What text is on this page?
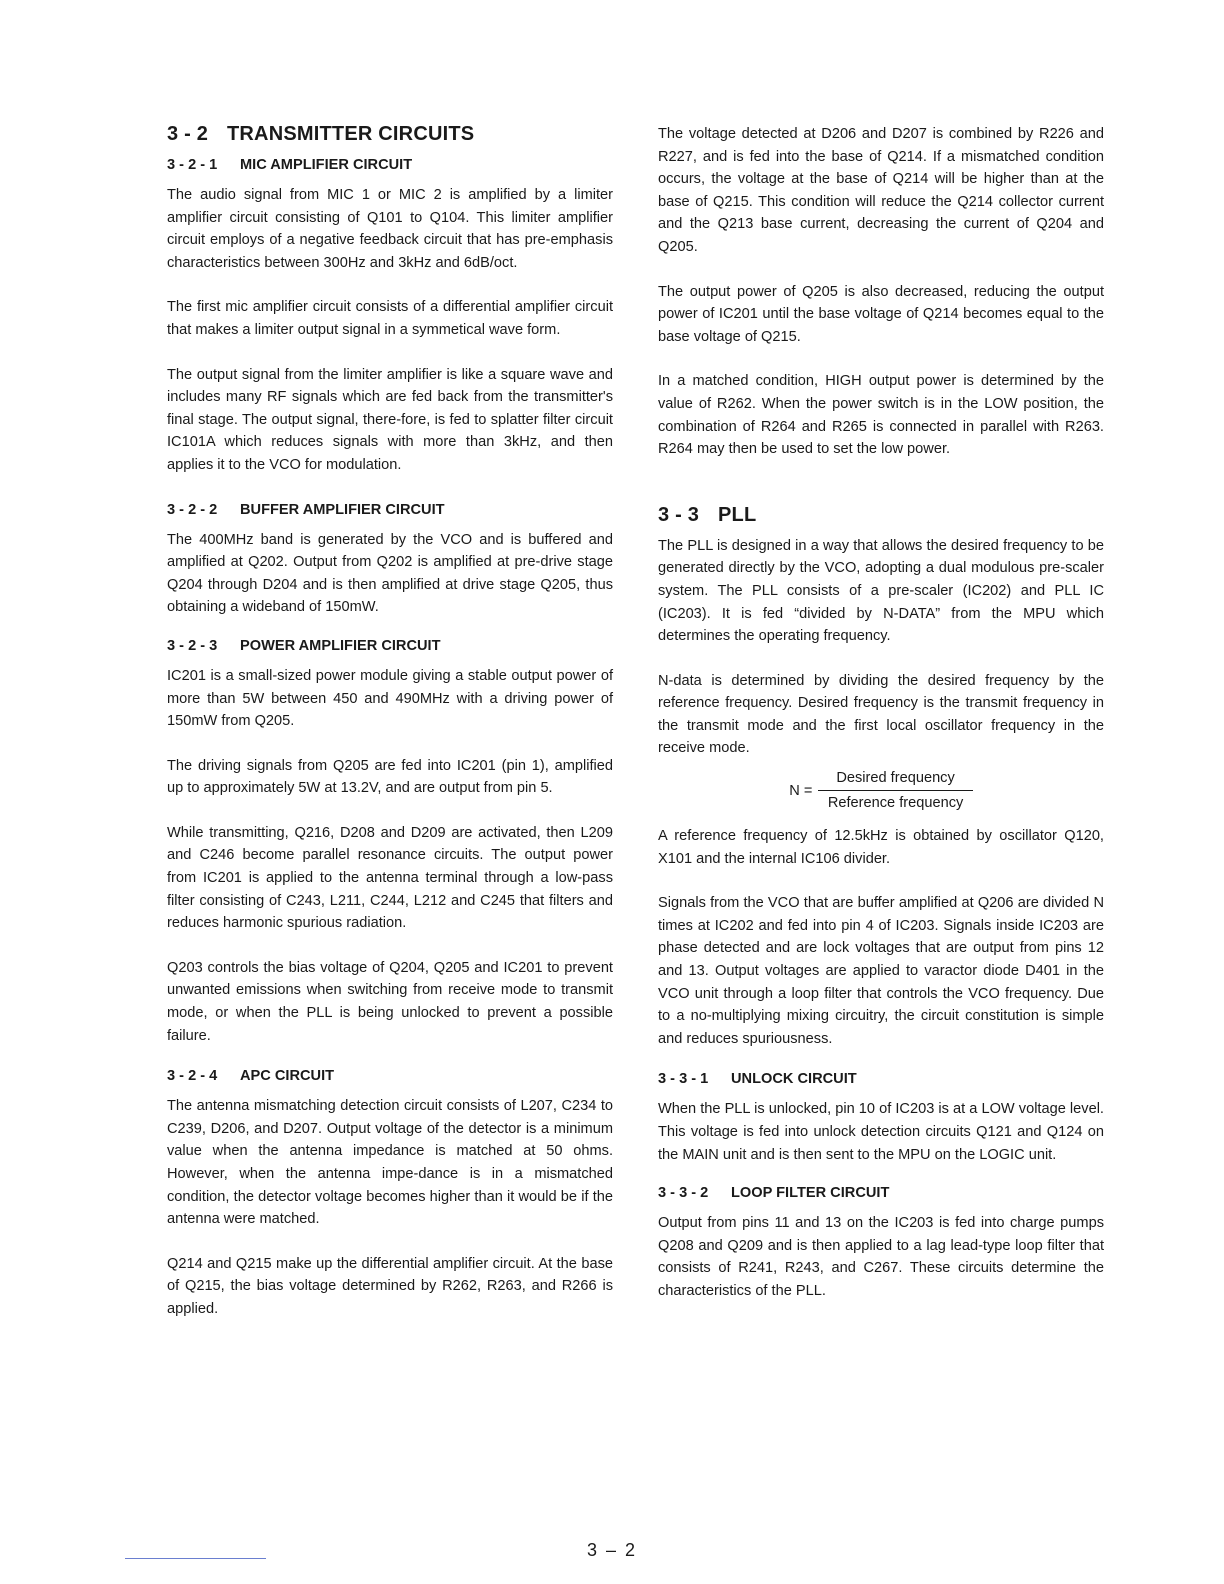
3 - 2 TRANSMITTER CIRCUITS
3 - 2 - 1 MIC AMPLIFIER CIRCUIT

The audio signal from MIC 1 or MIC 2 is amplified by a limiter amplifier circuit consisting of Q101 to Q104. This limiter amplifier circuit employs of a negative feedback circuit that has pre-emphasis characteristics between 300Hz and 3kHz and 6dB/oct.

The first mic amplifier circuit consists of a differential amplifier circuit that makes a limiter output signal in a symmetical wave form.

The output signal from the limiter amplifier is like a square wave and includes many RF signals which are fed back from the transmitter's final stage. The output signal, there-fore, is fed to splatter filter circuit IC101A which reduces signals with more than 3kHz, and then applies it to the VCO for modulation.

3 - 2 - 2 BUFFER AMPLIFIER CIRCUIT

The 400MHz band is generated by the VCO and is buffered and amplified at Q202. Output from Q202 is amplified at pre-drive stage Q204 through D204 and is then amplified at drive stage Q205, thus obtaining a wideband of 150mW.

3 - 2 - 3 POWER AMPLIFIER CIRCUIT

IC201 is a small-sized power module giving a stable output power of more than 5W between 450 and 490MHz with a driving power of 150mW from Q205.

The driving signals from Q205 are fed into IC201 (pin 1), amplified up to approximately 5W at 13.2V, and are output from pin 5.

While transmitting, Q216, D208 and D209 are activated, then L209 and C246 become parallel resonance circuits. The output power from IC201 is applied to the antenna terminal through a low-pass filter consisting of C243, L211, C244, L212 and C245 that filters and reduces harmonic spurious radiation.

Q203 controls the bias voltage of Q204, Q205 and IC201 to prevent unwanted emissions when switching from receive mode to transmit mode, or when the PLL is being unlocked to prevent a possible failure.

3 - 2 - 4 APC CIRCUIT

The antenna mismatching detection circuit consists of L207, C234 to C239, D206, and D207. Output voltage of the detector is a minimum value when the antenna impedance is matched at 50 ohms. However, when the antenna impe-dance is in a mismatched condition, the detector voltage becomes higher than it would be if the antenna were matched.

Q214 and Q215 make up the differential amplifier circuit. At the base of Q215, the bias voltage determined by R262, R263, and R266 is applied.

The voltage detected at D206 and D207 is combined by R226 and R227, and is fed into the base of Q214. If a mismatched condition occurs, the voltage at the base of Q214 will be higher than at the base of Q215. This condition will reduce the Q214 collector current and the Q213 base current, decreasing the current of Q204 and Q205.

The output power of Q205 is also decreased, reducing the output power of IC201 until the base voltage of Q214 becomes equal to the base voltage of Q215.

In a matched condition, HIGH output power is determined by the value of R262. When the power switch is in the LOW position, the combination of R264 and R265 is connected in parallel with R263. R264 may then be used to set the low power.

3 - 3 PLL

The PLL is designed in a way that allows the desired frequency to be generated directly by the VCO, adopting a dual modulous pre-scaler system. The PLL consists of a pre-scaler (IC202) and PLL IC (IC203). It is fed “divided by N-DATA” from the MPU which determines the operating frequency.

N-data is determined by dividing the desired frequency by the reference frequency. Desired frequency is the transmit frequency in the transmit mode and the first local oscillator frequency in the receive mode.

$N = \frac{\text{Desired frequency}}{\text{Reference frequency}}$

A reference frequency of 12.5kHz is obtained by oscillator Q120, X101 and the internal IC106 divider.

Signals from the VCO that are buffer amplified at Q206 are divided N times at IC202 and fed into pin 4 of IC203. Signals inside IC203 are phase detected and are lock voltages that are output from pins 12 and 13. Output voltages are applied to varactor diode D401 in the VCO unit through a loop filter that controls the VCO frequency. Due to a no-multiplying mixing circuitry, the circuit constitution is simple and reduces spuriousness.

3 - 3 - 1 UNLOCK CIRCUIT

When the PLL is unlocked, pin 10 of IC203 is at a LOW voltage level. This voltage is fed into unlock detection circuits Q121 and Q124 on the MAIN unit and is then sent to the MPU on the LOGIC unit.

3 - 3 - 2 LOOP FILTER CIRCUIT

Output from pins 11 and 13 on the IC203 is fed into charge pumps Q208 and Q209 and is then applied to a lag lead-type loop filter that consists of R241, R243, and C267. These circuits determine the characteristics of the PLL.

3 – 2
